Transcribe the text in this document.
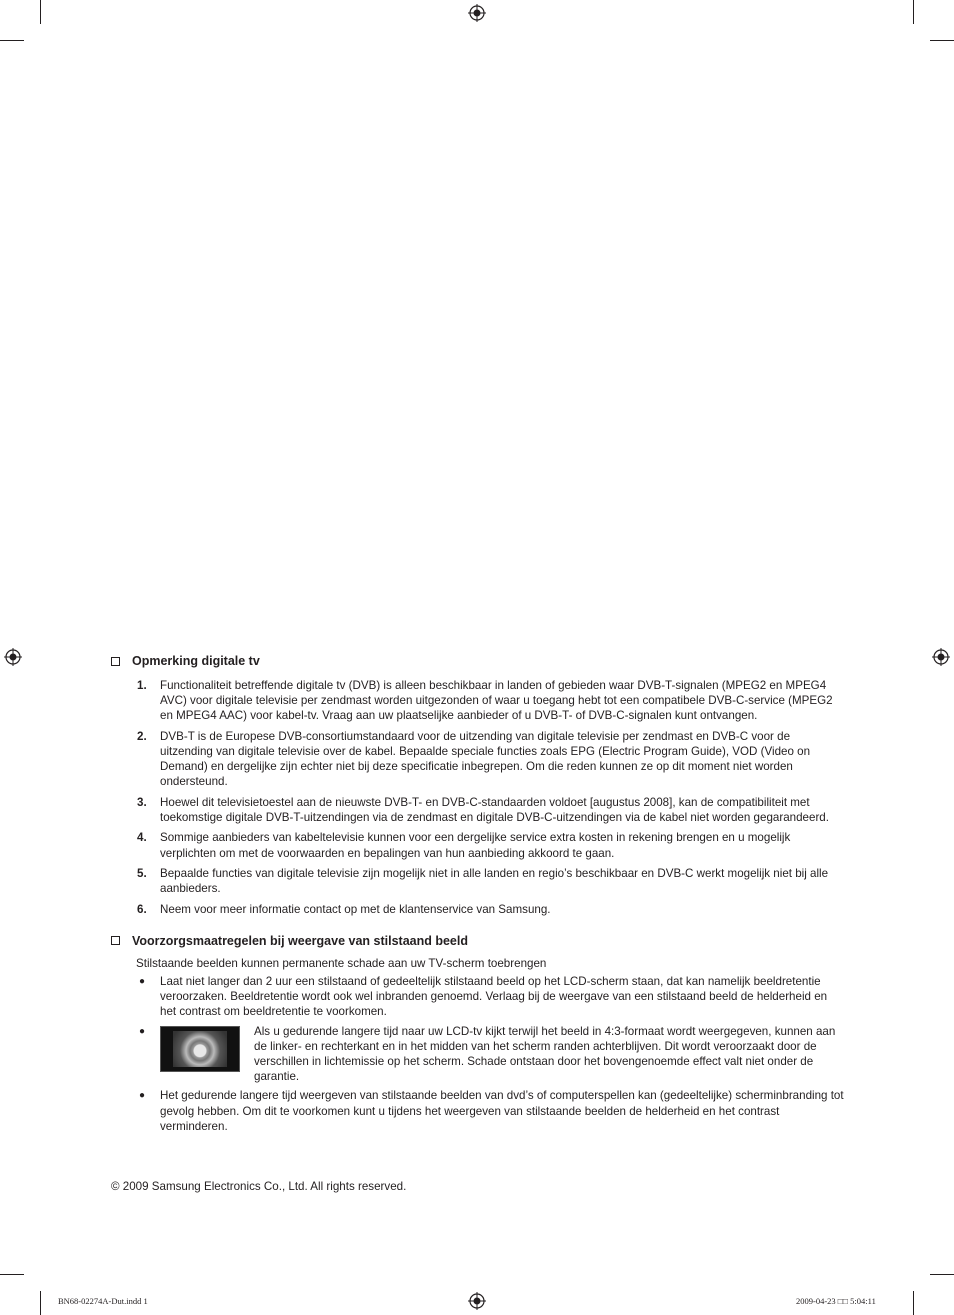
Opmerking digitale tv
1.	Functionaliteit betreffende digitale tv (DVB) is alleen beschikbaar in landen of gebieden waar DVB-T-signalen (MPEG2 en MPEG4 AVC) voor digitale televisie per zendmast worden uitgezonden of waar u toegang hebt tot een compatibele DVB-C-service (MPEG2 en MPEG4 AAC) voor kabel-tv. Vraag aan uw plaatselijke aanbieder of u DVB-T- of DVB-C-signalen kunt ontvangen.
2.	DVB-T is de Europese DVB-consortiumstandaard voor de uitzending van digitale televisie per zendmast en DVB-C voor de uitzending van digitale televisie over de kabel. Bepaalde speciale functies zoals EPG (Electric Program Guide), VOD (Video on Demand) en dergelijke zijn echter niet bij deze specificatie inbegrepen. Om die reden kunnen ze op dit moment niet worden ondersteund.
3.	Hoewel dit televisietoestel aan de nieuwste DVB-T- en DVB-C-standaarden voldoet [augustus 2008], kan de compatibiliteit met toekomstige digitale DVB-T-uitzendingen via de zendmast en digitale DVB-C-uitzendingen via de kabel niet worden gegarandeerd.
4.	Sommige aanbieders van kabeltelevisie kunnen voor een dergelijke service extra kosten in rekening brengen en u mogelijk verplichten om met de voorwaarden en bepalingen van hun aanbieding akkoord te gaan.
5.	Bepaalde functies van digitale televisie zijn mogelijk niet in alle landen en regio’s beschikbaar en DVB-C werkt mogelijk niet bij alle aanbieders.
6.	Neem voor meer informatie contact op met de klantenservice van Samsung.
Voorzorgsmaatregelen bij weergave van stilstaand beeld
Stilstaande beelden kunnen permanente schade aan uw TV-scherm toebrengen
●	Laat niet langer dan 2 uur een stilstaand of gedeeltelijk stilstaand beeld op het LCD-scherm staan, dat kan namelijk beeldretentie veroorzaken. Beeldretentie wordt ook wel inbranden genoemd. Verlaag bij de weergave van een stilstaand beeld de helderheid en het contrast om beeldretentie te voorkomen.
●	Als u gedurende langere tijd naar uw LCD-tv kijkt terwijl het beeld in 4:3-formaat wordt weergegeven, kunnen aan de linker- en rechterkant en in het midden van het scherm randen achterblijven. Dit wordt veroorzaakt door de verschillen in lichtemissie op het scherm. Schade ontstaan door het bovengenoemde effect valt niet onder de garantie.
●	Het gedurende langere tijd weergeven van stilstaande beelden van dvd’s of computerspellen kan (gedeeltelijke) scherminbranding tot gevolg hebben. Om dit te voorkomen kunt u tijdens het weergeven van stilstaande beelden de helderheid en het contrast verminderen.
© 2009 Samsung Electronics Co., Ltd. All rights reserved.
BN68-02274A-Dut.indd 1	2009-04-23 □□ 5:04:11
